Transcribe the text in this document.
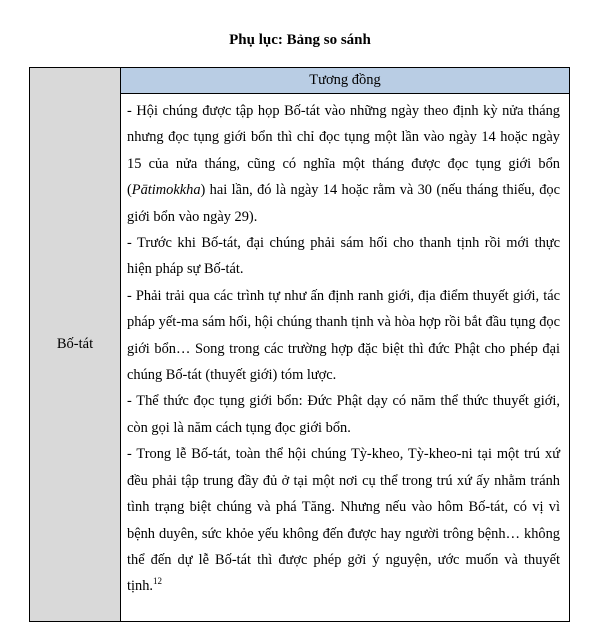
Phụ lục: Bảng so sánh
Bố-tát
Tương đồng

- Hội chúng được tập họp Bố-tát vào những ngày theo định kỳ nửa tháng nhưng đọc tụng giới bổn thì chỉ đọc tụng một lần vào ngày 14 hoặc ngày 15 của nửa tháng, cũng có nghĩa một tháng được đọc tụng giới bổn (Pātimokkha) hai lần, đó là ngày 14 hoặc rằm và 30 (nếu tháng thiếu, đọc giới bổn vào ngày 29).

- Trước khi Bố-tát, đại chúng phải sám hối cho thanh tịnh rồi mới thực hiện pháp sự Bố-tát.

- Phải trải qua các trình tự như ấn định ranh giới, địa điểm thuyết giới, tác pháp yết-ma sám hối, hội chúng thanh tịnh và hòa hợp rồi bắt đầu tụng đọc giới bổn… Song trong các trường hợp đặc biệt thì đức Phật cho phép đại chúng Bố-tát (thuyết giới) tóm lược.

- Thể thức đọc tụng giới bổn: Đức Phật dạy có năm thể thức thuyết giới, còn gọi là năm cách tụng đọc giới bổn.

- Trong lễ Bố-tát, toàn thể hội chúng Tỳ-kheo, Tỳ-kheo-ni tại một trú xứ đều phải tập trung đầy đủ ở tại một nơi cụ thể trong trú xứ ấy nhằm tránh tình trạng biệt chúng và phá Tăng. Nhưng nếu vào hôm Bố-tát, có vị vì bệnh duyên, sức khỏe yếu không đến được hay người trông bệnh… không thể đến dự lễ Bố-tát thì được phép gởi ý nguyện, ước muốn và thuyết tịnh.$^{12}$
